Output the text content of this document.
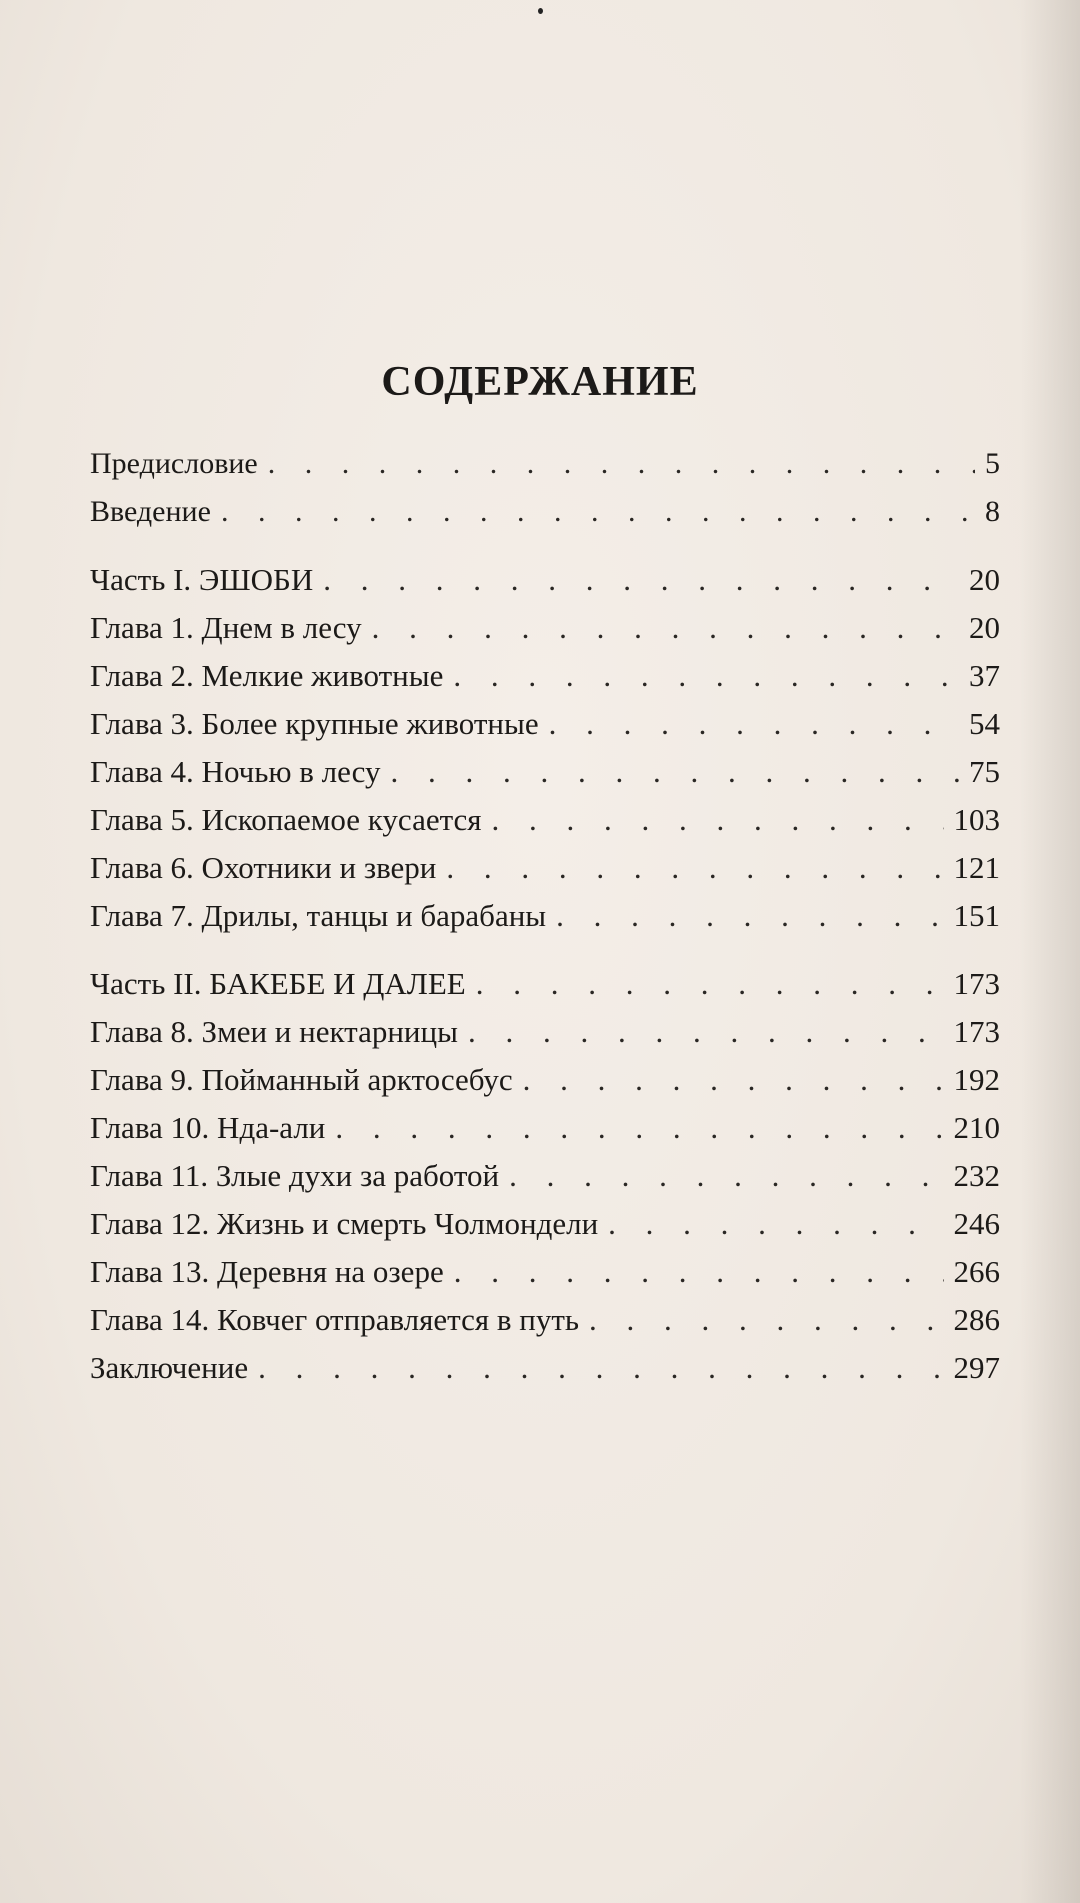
СОДЕРЖАНИЕ
Предисловие . . .	5
Введение . . .	8
Часть I. ЭШОБИ . . .	20
Глава 1. Днем в лесу . . .	20
Глава 2. Мелкие животные . . .	37
Глава 3. Более крупные животные . . .	54
Глава 4. Ночью в лесу . . .	75
Глава 5. Ископаемое кусается . . .	103
Глава 6. Охотники и звери . . .	121
Глава 7. Дрилы, танцы и барабаны . . .	151
Часть II. БАКЕБЕ И ДАЛЕЕ . . .	173
Глава 8. Змеи и нектарницы . . .	173
Глава 9. Пойманный арктосебус . . .	192
Глава 10. Нда-али . . .	210
Глава 11. Злые духи за работой . . .	232
Глава 12. Жизнь и смерть Чолмондели . . .	246
Глава 13. Деревня на озере . . .	266
Глава 14. Ковчег отправляется в путь . . .	286
Заключение . . .	297
